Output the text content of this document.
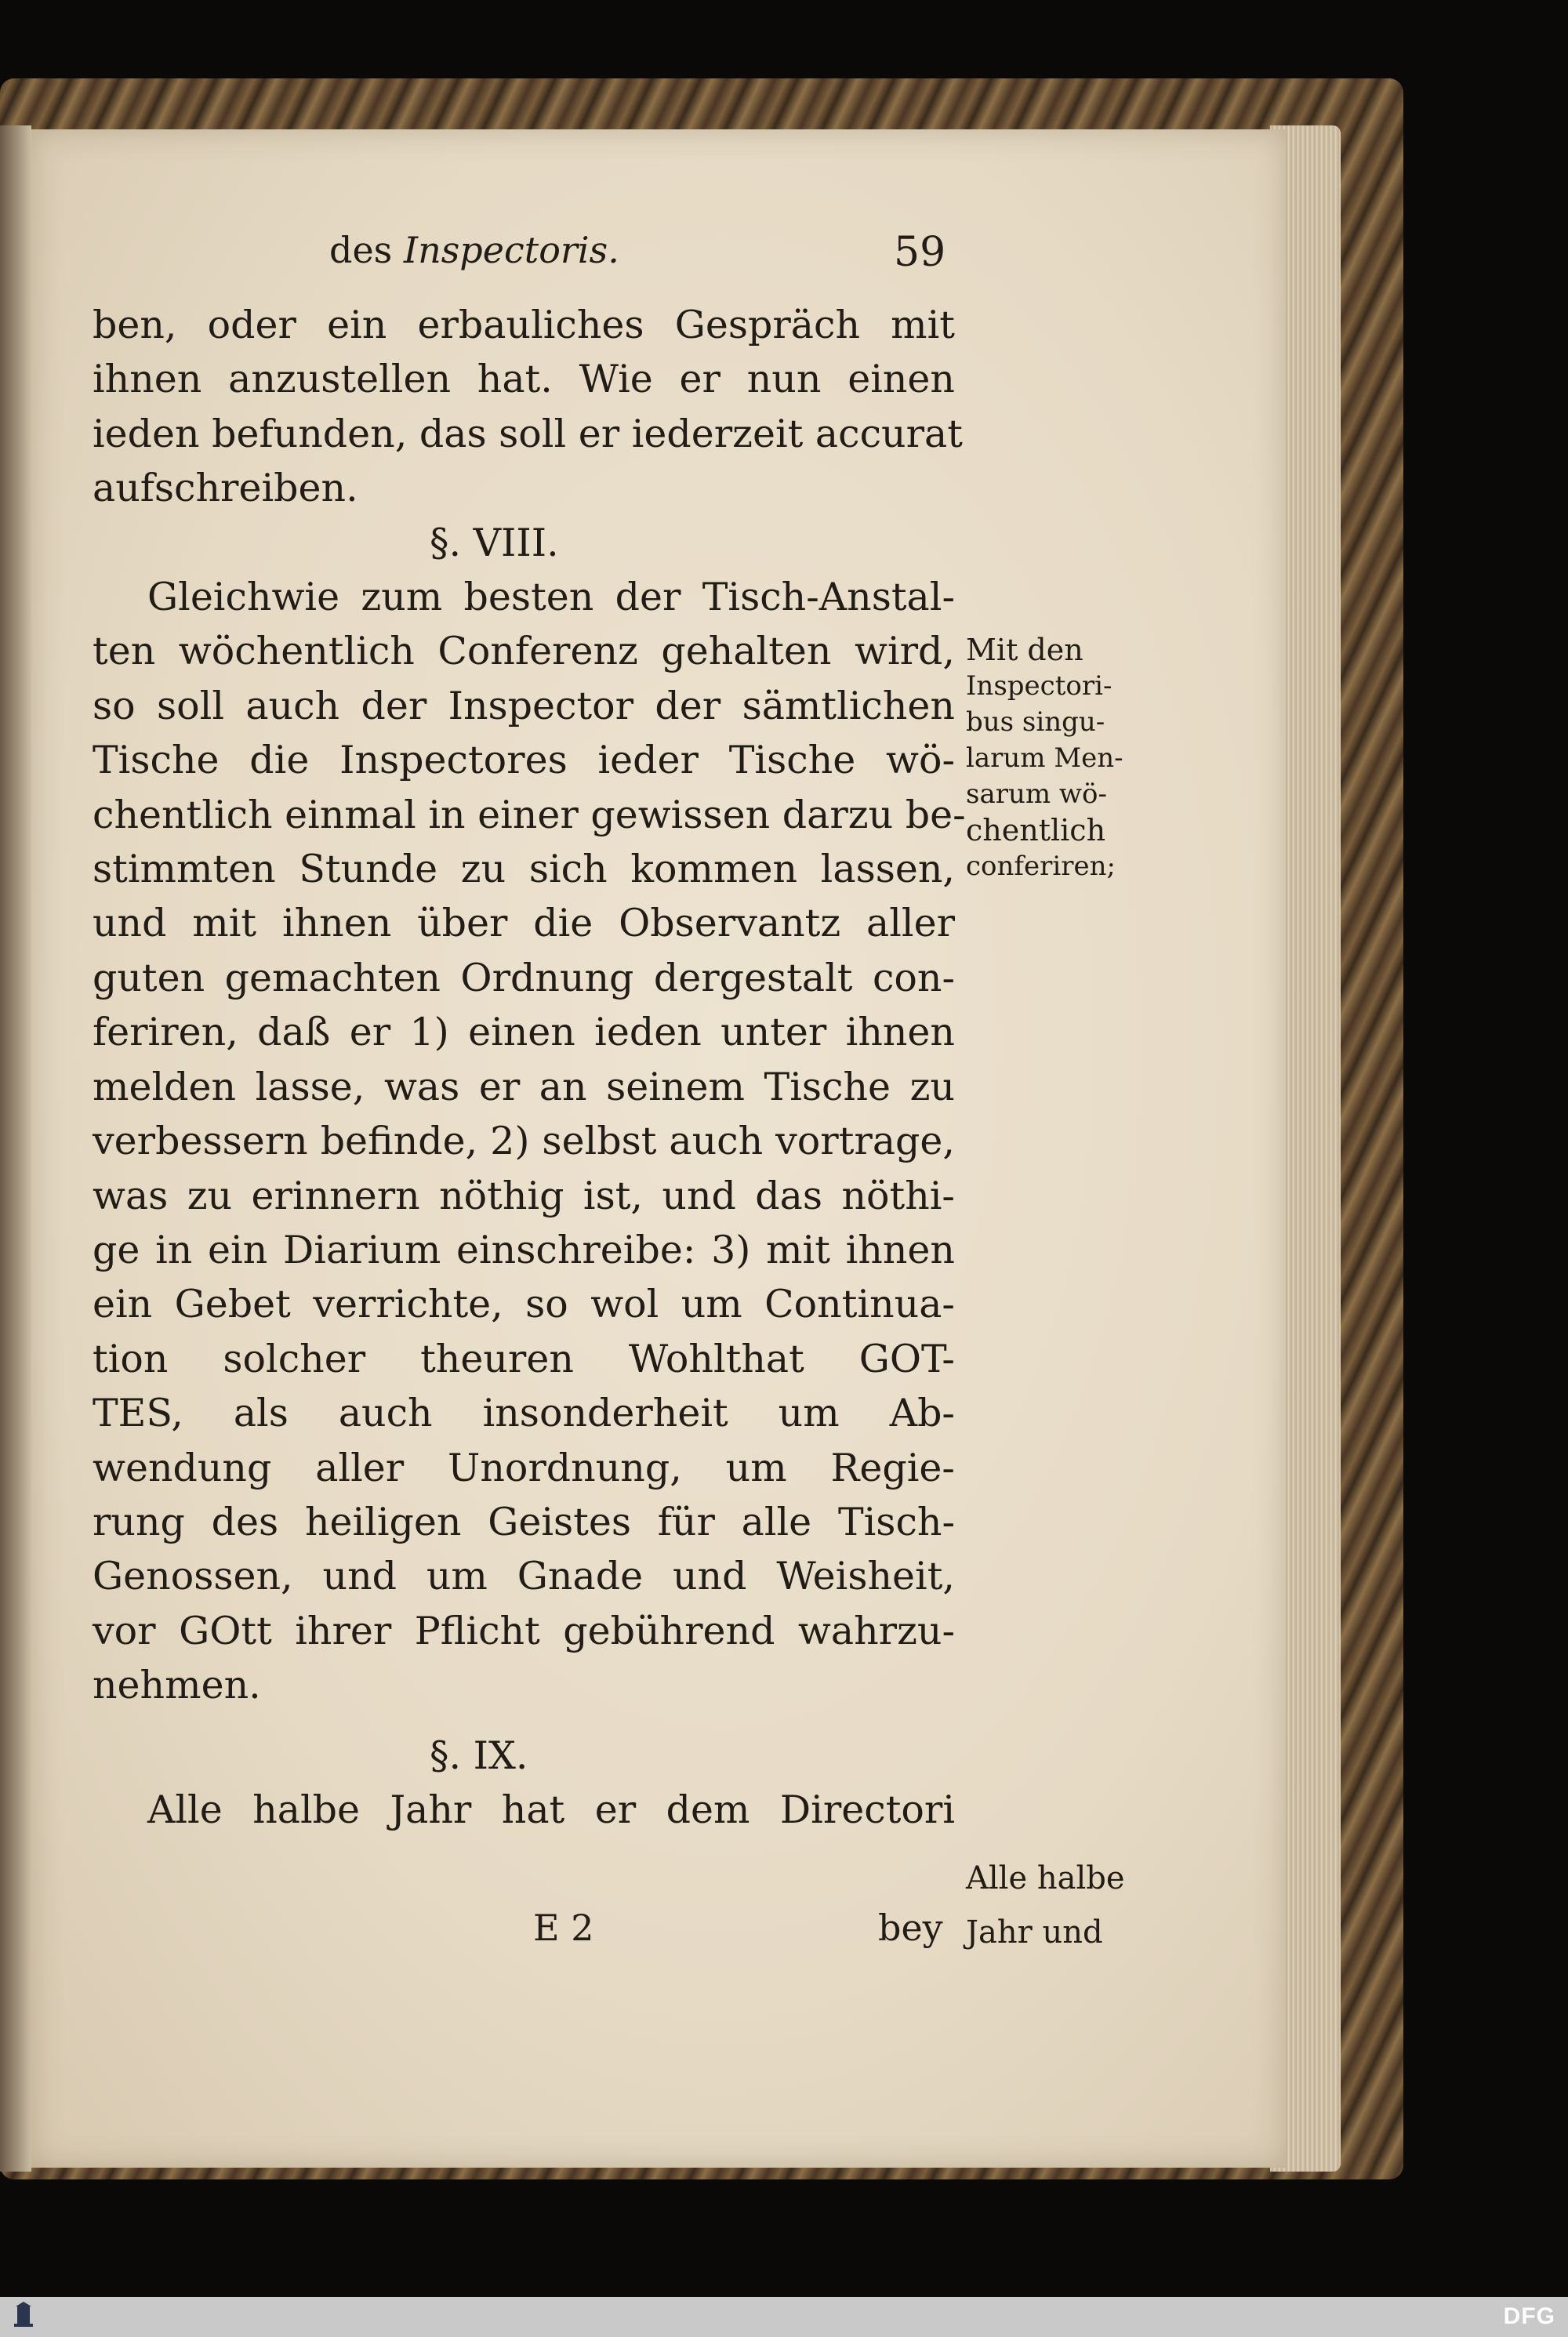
des Inspectoris.	59
ben, oder ein erbauliches Gespräch mit
ihnen anzustellen hat. Wie er nun einen
ieden befunden, das soll er iederzeit accurat
aufschreiben.
§. VIII.
Gleichwie zum besten der Tisch-Anstal-
ten wöchentlich Conferenz gehalten wird,
so soll auch der Inspector der sämtlichen
Tische die Inspectores ieder Tische wö-
chentlich einmal in einer gewissen darzu be-
stimmten Stunde zu sich kommen lassen,
und mit ihnen über die Observantz aller
guten gemachten Ordnung dergestalt con-
feriren, daß er 1) einen ieden unter ihnen
melden lasse, was er an seinem Tische zu
verbessern befinde, 2) selbst auch vortrage,
was zu erinnern nöthig ist, und das nöthi-
ge in ein Diarium einschreibe: 3) mit ihnen
ein Gebet verrichte, so wol um Continua-
tion solcher theuren Wohlthat GOT-
TES, als auch insonderheit um Ab-
wendung aller Unordnung, um Regie-
rung des heiligen Geistes für alle Tisch-
Genossen, und um Gnade und Weisheit,
vor GOtt ihrer Pflicht gebührend wahrzu-
nehmen.
§. IX.
Alle halbe Jahr hat er dem Directori
Mit den
Inspectori-
bus singu-
larum Men-
sarum wö-
chentlich
conferiren;
Alle halbe
Jahr und
E 2	bey
DFG
